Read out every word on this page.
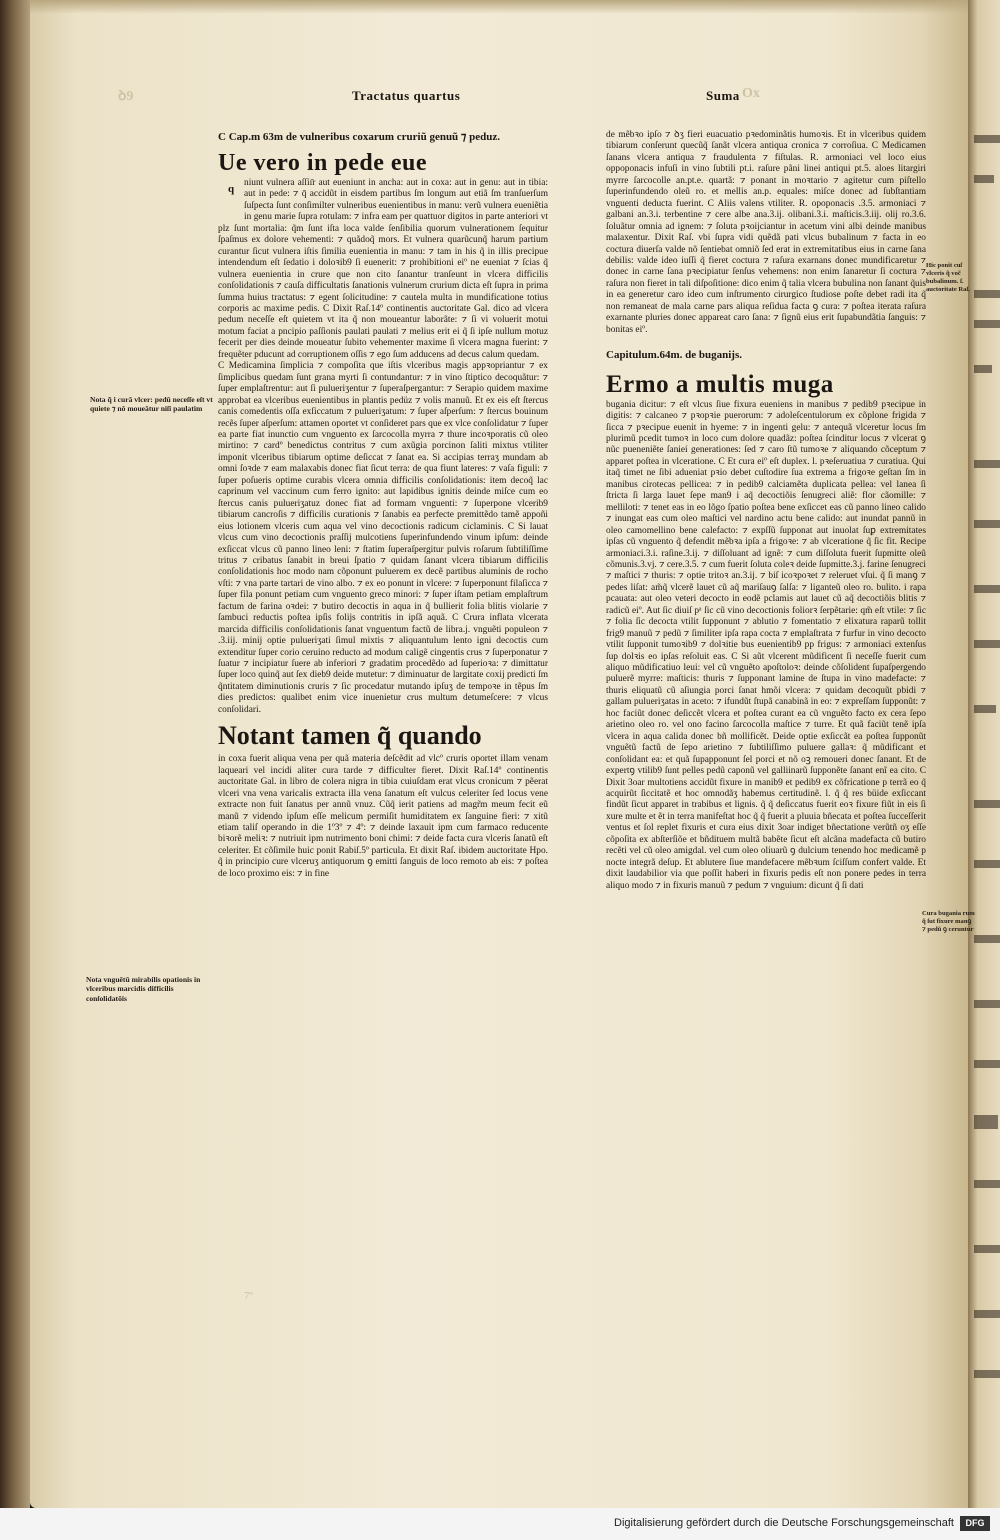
ꝺ9	Ox
7º
Tractatus quartus	Suma
C Cap.m 63m de vulneribus coxarum cruriũ genuũ ⁊ peduz.
Ue vero in pede eue
q	niunt vulnera aſſiı̄r aut eueniunt in ancha: aut in coxa: aut in genu: aut in tibia: aut in pede: ⁊ q̄ accidũt in eisdem partibus ſm longum aut etiã ſm tranſuerſum ſuſpecta ſunt conſimilter vulneribus euenientibus in manu: verũ vulnera eueniẽtia in genu marie ſupra rotulam: ⁊ infra eam per quattuor digitos in parte anteriori vt plz ſunt mortalia: q̃m ſunt iſta loca valde ſenſibilia quorum vulnerationem ſequitur ſpaſmus ex dolore vehementi: ⁊ quãdoq̃ mors. Et vulnera quarũcunq̃ harum partium curantur ſicut vulnera iſtis ſimilia euenientia in manu: ⁊ tam in his q̃ in illis precipue intendendum eſt ſedatio i doloꝛib9 ſi euenerit: ⁊ prohibitioni eiº ne eueniat ⁊ ſcias q̃ vulnera euenientia in crure que non cito ſanantur tranſeunt in vlcera difficilis conſolidationis ⁊ cauſa difficultatis ſanationis vulnerum crurium dicta eſt ſupra in prima ſumma huius tractatus: ⁊ egent ſolicitudine: ⁊ cautela multa in mundificatione totius corporis ac maxime pedis. C Dixit Raſ.14º continentis auctoritate Gal. dico ad vlcera pedum neceſſe eſt quietem vt ita q̃ non moueantur laborãte: ⁊ ſi vi voluerit motui motum faciat a pncipio paſſionis paulati paulati ⁊ melius erit ei q̃ ſi ipſe nullum motuz fecerit per dies deinde moueatur ſubito vehementer maxime ſi vlcera magna fuerint: ⁊ frequẽter pducunt ad corruptionem oſſis ⁊ ego ſum adducens ad decus calum quedam.

C Medicamina ſimplicia ⁊ compoſita que iſtis vlceribus magis appꝛopriantur ⁊ ex ſimplicibus quedam ſunt grana myrti ſi contundantur: ⁊ in vino ſtiptico decoquãtur: ⁊ ſuper emplaſtrentur: aut ſi pulueriʒentur ⁊ ſuperaſpergantur: ⁊ Serapio quidem maxime approbat ea vlceribus euenientibus in plantis pedüz ⁊ volis manuũ. Et ex eis eſt ſtercus canis comedentis oſſa exſiccatum ⁊ pulueriʒatum: ⁊ ſuper aſperſum: ⁊ ſtercus bouinum recẽs ſuper aſperſum: attamen oportet vt conſideret pars que ex vlce conſolidatur ⁊ ſuper ea parte fiat inunctio cum vnguento ex ſarcocolla myrra ⁊ thure incoꝛporatis cũ oleo mirtino: ⁊ cardº benedictus contritus ⁊ cum axũgia porcinon ſaliti mixtus vtiliter imponit vlceribus tibiarum optime deſiccat ⁊ ſanat ea. Si accipias terraʒ mundam ab omni ſoꝛde ⁊ eam malaxabis donec fiat ſicut terra: de qua fiunt lateres: ⁊ vaſa figuli: ⁊ ſuper poſueris optime curabis vlcera omnia difficilis conſolidationis: item decoq̃ lac caprinum vel vaccinum cum ferro ignito: aut lapidibus ignitis deinde miſce cum eo ſtercus canis pulueriʒatuz donec fiat ad formam vnguenti: ⁊ ſuperpone vlcerib9 tibiarum cancroſis ⁊ difficilis curationis ⁊ ſanabis ea perfecte premittẽdo tamẽ appoñi eius lotionem vlceris cum aqua vel vino decoctionis radicum ciclaminis. C Si lauat vlcus cum vino decoctionis praſſij mulcotiens ſuperinfundendo vinum ipſum: deinde exſiccat vlcus cũ panno lineo leni: ⁊ ſtatim ſuperaſpergitur pulvis roſarum ſubtiliſſime tritus ⁊ cribatus ſanabit in breui ſpatio ⁊ quidam ſanant vlcera tibiarum difficilis conſolidationis hoc modo nam cõponunt puluerem ex decẽ partibus aluminis de rocho vſti: ⁊ vna parte tartari de vino albo. ⁊ ex eo ponunt in vlcere: ⁊ ſuperponunt filaſicca ⁊ ſuper fila ponunt petiam cum vnguento greco minori: ⁊ ſuper iſtam petiam emplaſtrum factum de farina oꝛdei: ⁊ butiro decoctis in aqua in q̃ bullierit folia blitis violarie ⁊ ſambuci reductis poſtea ipſis folijs contritis in ipſã aquã. C Crura inflata vlcerata marcida difficilis conſolidationis ſanat vnguentum factũ de libra.j. vnguẽti populeon ⁊ .3.iij. minij optie pulueriʒati ſimul mixtis ⁊ aliquantulum lento igni decoctis cum extenditur ſuper corio ceruino reducto ad modum caligẽ cingentis crus ⁊ ſuperponatur ⁊ ſuatur ⁊ incipiatur ſuere ab inferiori ⁊ gradatim procedẽdo ad ſuperioꝛa: ⁊ dimittatur ſuper loco quinq̃ aut ſex dieb9 deide mutetur: ⁊ diminuatur de largitate coxij predicti ſm q̃ntitatem diminutionis cruris ⁊ ſic procedatur mutando ipſuʒ de tempoꝛe in tẽpus ſm dies predictos: qualibet enim vice inuenietur crus multum detumeſcere: ⁊ vlcus conſolidari.

Notant tamen q̃ quando

in coxa fuerit aliqua vena per quã materia deſcẽdit ad vlcº cruris oportet illam venam laqueari vel incidi aliter cura tarde ⁊ difficulter fieret. Dixit Raſ.14º continentis auctoritate Gal. in libro de colera nigra in tibia cuiuſdam erat vlcus cronicum ⁊ pẽerat vlceri vna vena varicalis extracta illa vena ſanatum eſt vulcus celeriter ſed locus vene extracte non fuit ſanatus per annũ vnuz. Cũq̃ ierit patiens ad magr̃m meum fecit eũ manũ ⁊ videndo ipſum eſſe melicum permiſit humiditatem ex ſanguine fieri: ⁊ xitũ etiam taliſ operando in die 1º3º ⁊ 4º: ⁊ deinde laxauit ipm cum farmaco reducente biꝛorẽ meliꝛ: ⁊ nutriuit ipm nutrimento boni chimi: ⁊ deide facta cura vlceris ſanatũ eſt celeriter. Et cõſimile huic ponit Rabiſ.5º particula. Et dixit Raſ. ibidem auctoritate Hpo. q̃ in principio cure vlceruʒ antiquorum ꝯ emitti ſanguis de loco remoto ab eis: ⁊ poſtea de loco proximo eis: ⁊ in fine

de mẽbꝛo ipſo ⁊ ꝺʒ fieri euacuatio pꝛedominãtis humoꝛis. Et in vlceribus quidem tibiarum conſerunt quecũq̃ ſanãt vlcera antiqua cronica ⁊ corroſiua. C Medicamen ſanans vlcera antiqua ⁊ fraudulenta ⁊ fiſtulas. R. armoniaci vel loco eius oppoponacis infuſi in vino ſubtili pt.i. raſure pãni linei antiqui pt.5. aloes litargiri myrre ſarcocolle an.pt.e. quartã: ⁊ ponant in moꝛtario ⁊ agitetur cum piſtello ſuperinfundendo oleũ ro. et mellis an.p. equales: miſce donec ad ſubſtantiam vnguenti deducta fuerint. C Aliis valens vtiliter. R. opoponacis .3.5. armoniaci ⁊ galbani an.3.i. terbentine ⁊ cere albe ana.3.ij. olibani.3.i. maſticis.3.iij. olij ro.3.6. ſoluãtur omnia ad ignem: ⁊ ſoluta pꝛoijciantur in acetum vini albi deinde manibus malaxentur. Dixit Raſ. vbi ſupra vidi quẽdã pati vlcus bubalinum ⁊ facta in eo coctura diuerſa valde nõ ſentiebat omniõ ſed erat in extremitatibus eius in carne ſana debilis: valde ideo iuſſi q̃ fieret coctura ⁊ raſura exarnans donec mundificaretur ⁊ donec in carne ſana pꝛecipiatur ſenſus vehemens: non enim ſanaretur ſi coctura ⁊ raſura non fieret in tali diſpoſitione: dico enim q̃ talia vlcera bubulina non ſanant q̃uis in ea generetur caro ideo cum inſtrumento cirurgico ſtudiose poſte debet radi ita q̃ non remaneat de mala carne pars aliqua reſidua facta ꝯ cura: ⁊ poſtea iterata raſura exarnante pluries donec appareat caro ſana: ⁊ ſignũ eius erit ſupabundãtia ſanguis: ⁊ bonitas eiº.

Capitulum.64m. de buganijs.
Ermo a multis muga

bugania dicitur: ⁊ eſt vlcus ſiue fixura eueniens in manibus ⁊ pedib9 pꝛecipue in digitis: ⁊ calcaneo ⁊ pꝛopꝛie puerorum: ⁊ adoleſcentulorum ex cõplone frigida ⁊ ſicca ⁊ pꝛecipue euenit in hyeme: ⁊ in ingenti gelu: ⁊ antequã vlceretur locus ſm plurimũ pcedit tumoꝛ in loco cum dolore quadãz: poſtea ſcinditur locus ⁊ vlcerat ꝯ nũc pueneniẽte ſanieí generationes: ſed ⁊ caro ſtũ tumoꝛe ⁊ aliquando cõceptum ⁊ apparet poſtea in vlceratione. C Et cura eiº eſt duplex. l. pꝛeſeruatiua ⁊ curatiua. Qui itaq̃ timet ne ſibi adueniat pꝛio debet cuſtodire ſua extrema a frigoꝛe geſtan ſm in manibus cirotecas pellicea: ⁊ in pedib9 calciamẽta duplicata pellea: vel lanea ſi ſtricta ſi larga lauet ſepe man9 i aq̃ decoctiõis ſenugreci aliẽ: flor cãomille: ⁊ melliloti: ⁊ tenet eas in eo lõgo ſpatio poſtea bene exſiccet eas cũ panno lineo calido ⁊ inungat eas cum oleo maſtici vel nardino actu bene calido: aut inundat pannũ in oleo camomellino bene calefacto: ⁊ expſſũ ſupponat aut inuolat ſuꝑ extremitates ipſas cũ vnguento q̃ defendit mẽbꝛa ipſa a frigoꝛe: ⁊ ab vlceratione q̃ ſic fit. Recipe armoniaci.3.i. raſine.3.ij. ⁊ diſſoluant ad ignẽ: ⁊ cum diſſoluta fuerit ſupmitte oleũ cõmunis.3.vj. ⁊ cere.3.5. ⁊ cum fuerit ſoluta coleꝛ deide ſupmitte.3.j. farine ſenugreci ⁊ maſtici ⁊ thuris: ⁊ optie tritoꝛ an.3.ij. ⁊ biſ icoꝛpoꝛet ⁊ releruet vſui. q̃ ſi manꝯ ⁊ pedes liſat: am̃q̃ vlcerẽ lauet cũ aq̃ mariſauꝯ ſalſa: ⁊ liganteũ oleo ro. bulito. i rapa pcauata: aut oleo veteri decocto in eodẽ pclamis aut lauet cũ aq̃ decoctiõis blitis ⁊ radicũ eiº. Aut ſic diuiſ pᵃ ſic cũ vino decoctionis foliorꝛ ſerpẽtarie: qm̃ eſt vtile: ⁊ ſic ⁊ folia ſic decocta vtilit ſupponunt ⁊ ablutio ⁊ fomentatio ⁊ elixatura raparũ tollit frig9 manuũ ⁊ pedũ ⁊ ſimiliter ipſa rapa cocta ⁊ emplaſtrata ⁊ furfur in vino decocto vtilit ſupponit tumoꝛib9 ⁊ dolꝛitie bus euenientib9 pp frigus: ⁊ armoniaci extenſus ſup dolꝛis eo ipſas reſoluit eas. C Si aũt vlcerent mũdificent ſi neceſſe fuerit cum aliquo mũdificatiuo leui: vel cũ vnguẽto apoſtoloꝛ: deinde cõſolident ſupaſpergendo puluerẽ myrre: maſticis: thuris ⁊ ſupponant lamine de ſtupa in vino madefacte: ⁊ thuris eliquatũ cũ aſiungia porci ſanat hmõi vlcera: ⁊ quidam decoquũt pbidi ⁊ gallam pulueriʒatas in aceto: ⁊ ifundũt ſtupã canabinã in eo: ⁊ expreſſam ſupponũt: ⁊ hoc faciũt donec deſiccẽt vlcera et poſtea curant ea cũ vnguẽto facto ex cera ſepo arietino oleo ro. vel ono facino ſarcocolla maſtice ⁊ turre. Et quã faciũt tenẽ ipſa vlcera in aqua calida donec bñ mollificẽt. Deide optie exſiccãt ea poſtea ſupponũt vnguẽtũ factũ de ſepo arietino ⁊ ſubtiliſſimo puluere gallaꝛ: q̃ mũdificant et conſolidant ea: et quã ſupapponunt ſel porci et nõ oꝫ remoueri donec ſanant. Et de expertꝯ vtilib9 ſunt pelles pedũ caponũ vel galliinarũ ſupponẽte ſanant enĩ ea cito. C Dixit 3oar multotiens accidũt fixure in manib9 et pedib9 ex cõfricatione p terrã eo q̃ acquirũt ſiccitatẽ et hoc omnodãʒ habemus certitudinẽ. l. q̃ q̃ res büide exſiccant findũt ſicut apparet in trabibus et lignis. q̃ q̃ deſiccatus fuerit eoꝛ fixure fiũt in eis ſi xure multe et ẽt in terra manifeſtat hoc q̃ q̃ fuerit a pluuia bñecata et poſtea ſucceſſerit ventus et ſol replet fixuris et cura eius dixit 3oar indiget bñectatione verũtñ oʒ eſſe cõpoſita ex abſterſiõe et bñdituem multã babẽte ſicut eſt alcãna madefacta cũ butiro recẽti vel cũ oleo amigdal. vel cum oleo oliuarũ ꝯ dulcium tenendo hoc medicamẽ p nocte integrã deſup. Et ablutere ſiue mandefacere mẽbꝛum ſciſſum confert valde. Et dixit laudabilior via que poſſit haberi in fixuris pedis eſt non ponere pedes in terra aliquo modo ⁊ in fixuris manuũ ⁊ pedum ⁊ vnguium: dicunt q̃ ſi dati

Nota q̃ i curã vlcer: pedũ neceſſe eſt vt quiete ⁊ nõ moueãtur niſi paulatim
Nota vnguẽtũ mirabilis opationis in vlceribus marcidis difficilis conſolidatõis
Hic ponit cuſ vlceris q̃ voc̃ bubalinum. ſ. auctoritate Raſ.
Cura bugania rum q̃ ſut fixure manꝯ ⁊ pedũ ꝯ ceruntur
Digitalisierung gefördert durch die Deutsche Forschungsgemeinschaft	DFG
